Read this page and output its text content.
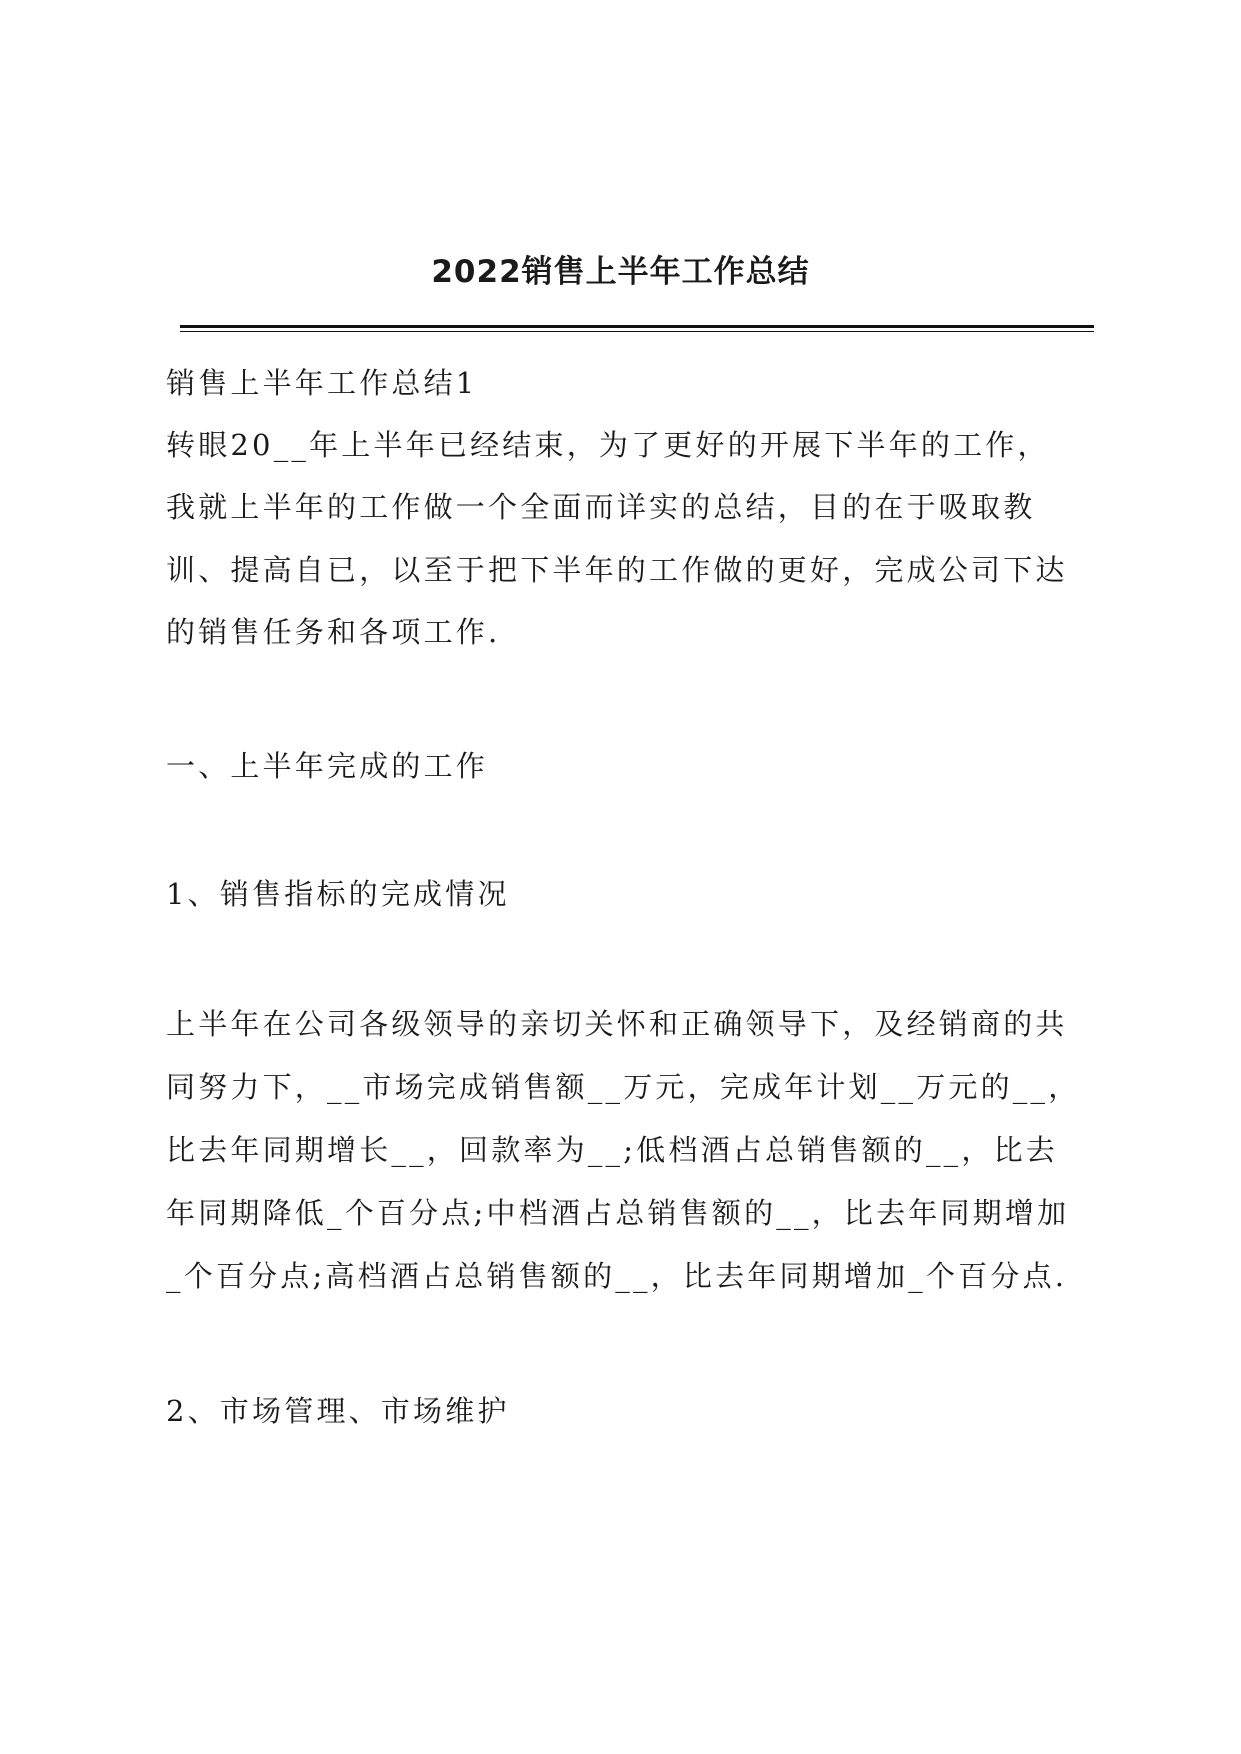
2022销售上半年工作总结
销售上半年工作总结1
转眼20__年上半年已经结束，为了更好的开展下半年的工作，
我就上半年的工作做一个全面而详实的总结，目的在于吸取教
训、提高自已，以至于把下半年的工作做的更好，完成公司下达
的销售任务和各项工作.
一、上半年完成的工作
1、销售指标的完成情况
上半年在公司各级领导的亲切关怀和正确领导下，及经销商的共
同努力下，__市场完成销售额__万元，完成年计划__万元的__，
比去年同期增长__，回款率为__;低档酒占总销售额的__，比去
年同期降低_个百分点;中档酒占总销售额的__，比去年同期增加
_个百分点;高档酒占总销售额的__，比去年同期增加_个百分点.
2、市场管理、市场维护
